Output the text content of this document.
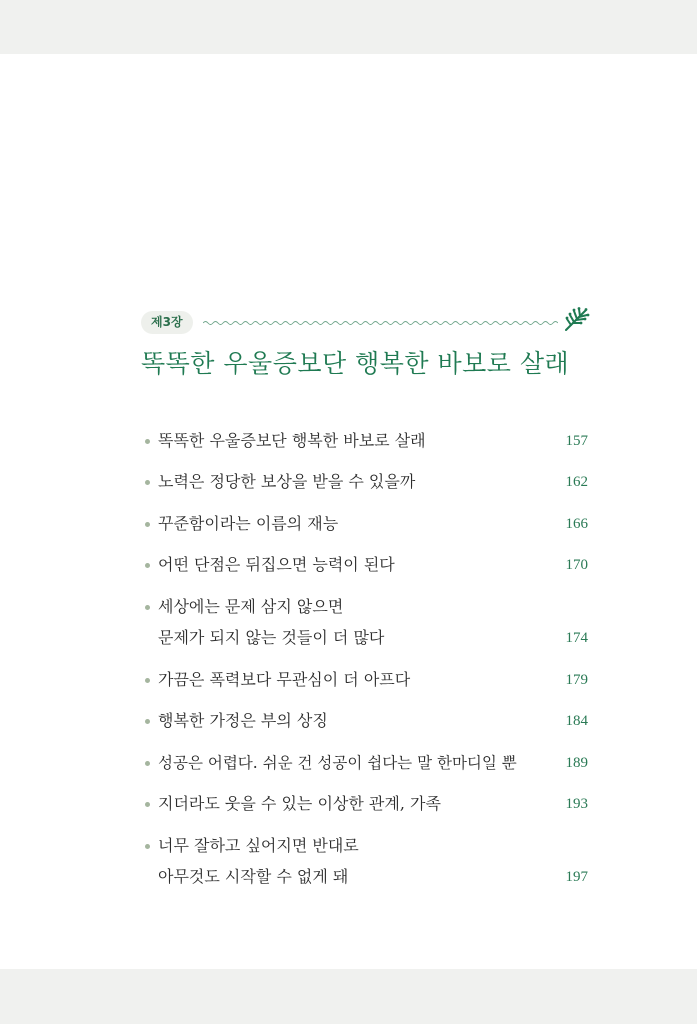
제3장
똑똑한 우울증보단 행복한 바보로 살래
똑똑한 우울증보단 행복한 바보로 살래	157
노력은 정당한 보상을 받을 수 있을까	162
꾸준함이라는 이름의 재능	166
어떤 단점은 뒤집으면 능력이 된다	170
세상에는 문제 삼지 않으면
문제가 되지 않는 것들이 더 많다	174
가끔은 폭력보다 무관심이 더 아프다	179
행복한 가정은 부의 상징	184
성공은 어렵다. 쉬운 건 성공이 쉽다는 말 한마디일 뿐	189
지더라도 웃을 수 있는 이상한 관계, 가족	193
너무 잘하고 싶어지면 반대로
아무것도 시작할 수 없게 돼	197
